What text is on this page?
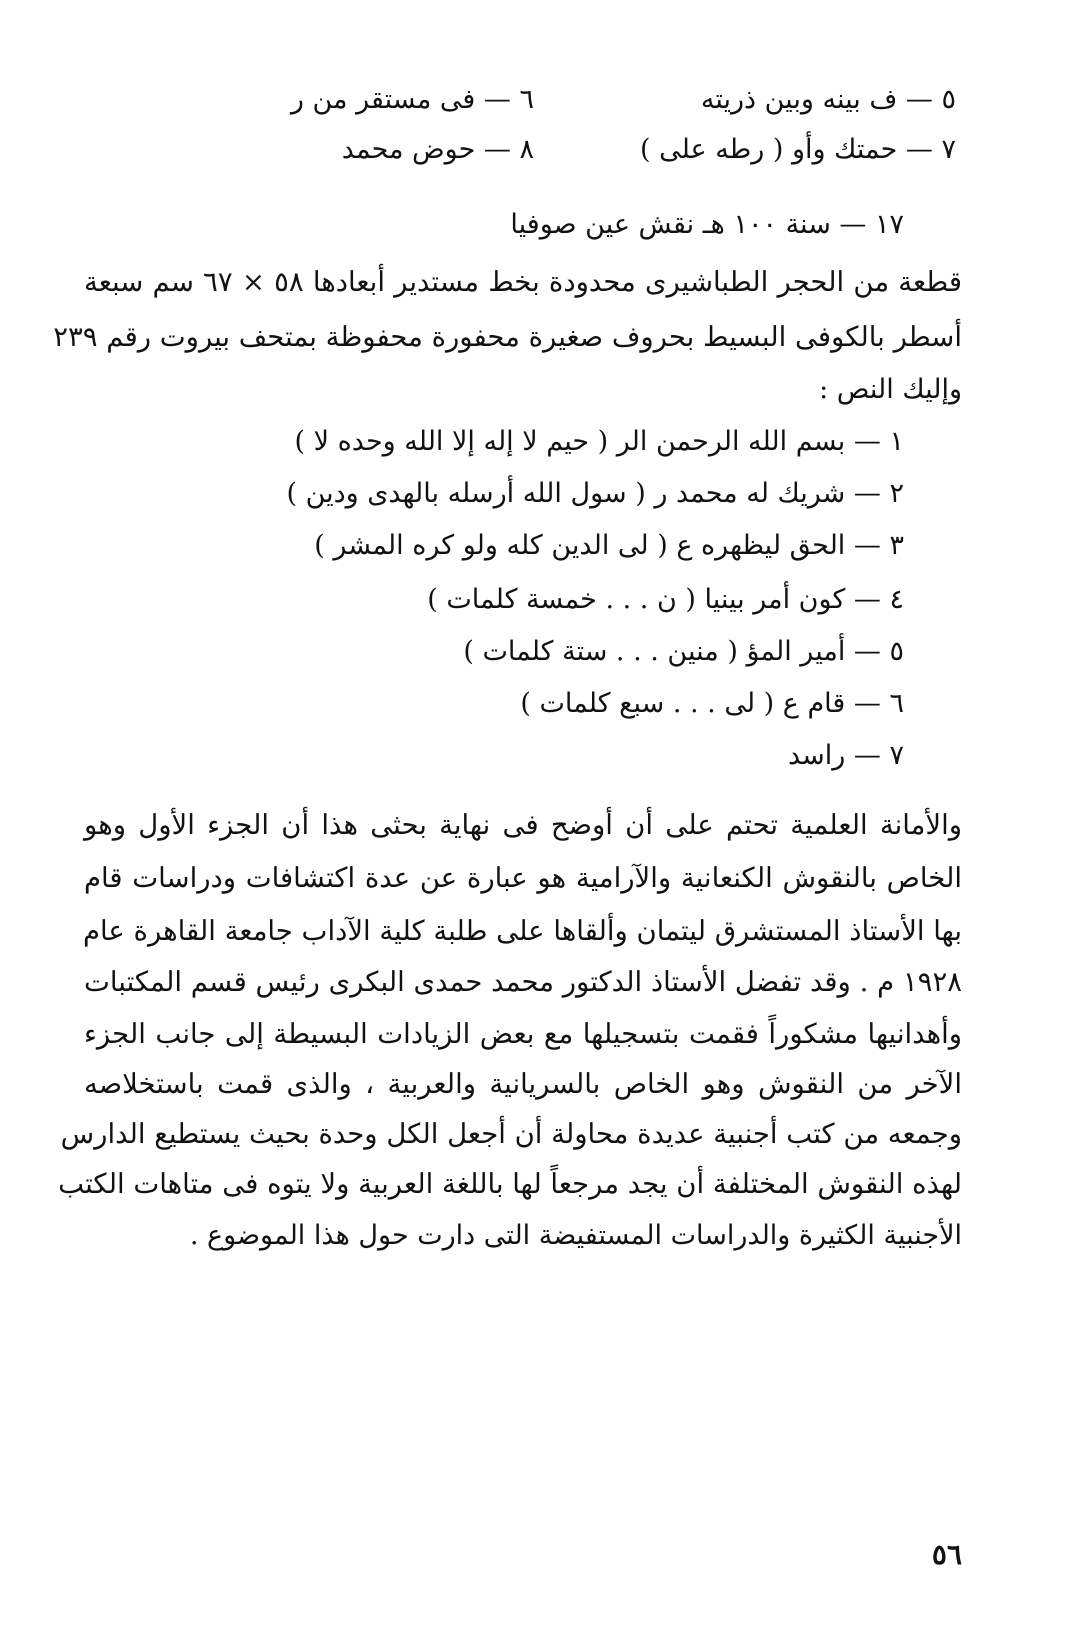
٥ — ف بينه وبين ذريته
٦ — فى مستقر من ر
٧ — حمتك وأو ( رطه على )
٨ — حوض محمد
١٧ — سنة ١٠٠ هـ نقش عين صوفيا
قطعة من الحجر الطباشيرى محدودة بخط مستدير أبعادها ٥٨ × ٦٧ سم سبعة
أسطر بالكوفى البسيط بحروف صغيرة محفورة محفوظة بمتحف بيروت رقم ٢٣٩
وإليك النص :
١ — بسم الله الرحمن الر ( حيم لا إله إلا الله وحده لا )
٢ — شريك له محمد ر ( سول الله أرسله بالهدى ودين )
٣ — الحق ليظهره ع ( لى الدين كله ولو كره المشر )
٤ — كون أمر بينيا ( ن . . . خمسة كلمات )
٥ — أمير المؤ ( منين . . . ستة كلمات )
٦ — قام ع ( لى . . . سبع كلمات )
٧ — راسد
والأمانة العلمية تحتم على أن أوضح فى نهاية بحثى هذا أن الجزء الأول وهو
الخاص بالنقوش الكنعانية والآرامية هو عبارة عن عدة اكتشافات ودراسات قام
بها الأستاذ المستشرق ليتمان وألقاها على طلبة كلية الآداب جامعة القاهرة عام
١٩٢٨ م . وقد تفضل الأستاذ الدكتور محمد حمدى البكرى رئيس قسم المكتبات
وأهدانيها مشكوراً فقمت بتسجيلها مع بعض الزيادات البسيطة إلى جانب الجزء
الآخر من النقوش وهو الخاص بالسريانية والعربية ، والذى قمت باستخلاصه
وجمعه من كتب أجنبية عديدة محاولة أن أجعل الكل وحدة بحيث يستطيع الدارس
لهذه النقوش المختلفة أن يجد مرجعاً لها باللغة العربية ولا يتوه فى متاهات الكتب
الأجنبية الكثيرة والدراسات المستفيضة التى دارت حول هذا الموضوع .
٥٦
